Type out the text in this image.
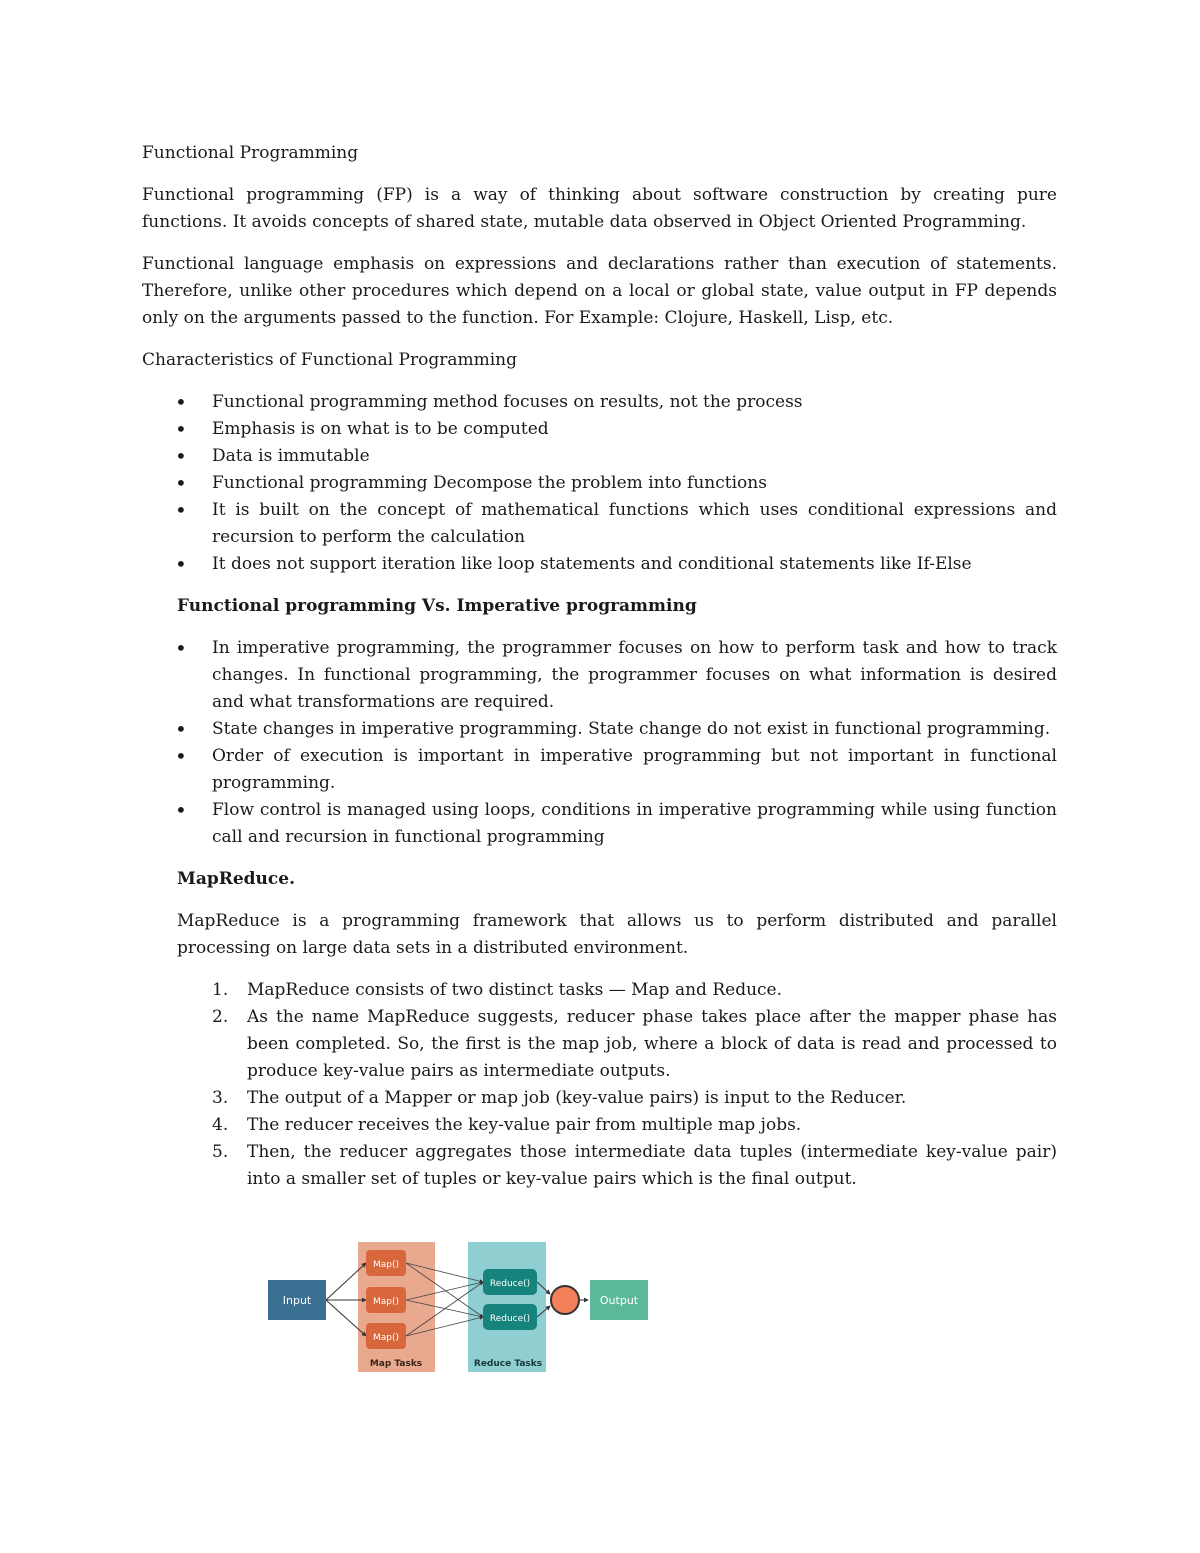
Functional Programming

Functional programming (FP) is a way of thinking about software construction by creating pure functions. It avoids concepts of shared state, mutable data observed in Object Oriented Programming.

Functional language emphasis on expressions and declarations rather than execution of statements. Therefore, unlike other procedures which depend on a local or global state, value output in FP depends only on the arguments passed to the function. For Example: Clojure, Haskell, Lisp, etc.

Characteristics of Functional Programming
• Functional programming method focuses on results, not the process
• Emphasis is on what is to be computed
• Data is immutable
• Functional programming Decompose the problem into functions
• It is built on the concept of mathematical functions which uses conditional expressions and recursion to perform the calculation
• It does not support iteration like loop statements and conditional statements like If-Else
Functional programming Vs. Imperative programming
• In imperative programming, the programmer focuses on how to perform task and how to track changes. In functional programming, the programmer focuses on what information is desired and what transformations are required.
• State changes in imperative programming. State change do not exist in functional programming.
• Order of execution is important in imperative programming but not important in functional programming.
• Flow control is managed using loops, conditions in imperative programming while using function call and recursion in functional programming
MapReduce.

MapReduce is a programming framework that allows us to perform distributed and parallel processing on large data sets in a distributed environment.

1. MapReduce consists of two distinct tasks — Map and Reduce.
2. As the name MapReduce suggests, reducer phase takes place after the mapper phase has been completed. So, the first is the map job, where a block of data is read and processed to produce key-value pairs as intermediate outputs.
3. The output of a Mapper or map job (key-value pairs) is input to the Reducer.
4. The reducer receives the key-value pair from multiple map jobs.
5. Then, the reducer aggregates those intermediate data tuples (intermediate key-value pair) into a smaller set of tuples or key-value pairs which is the final output.
Input
Map()
Map()
Map()
Map Tasks
Reduce()
Reduce()
Reduce Tasks
Output
